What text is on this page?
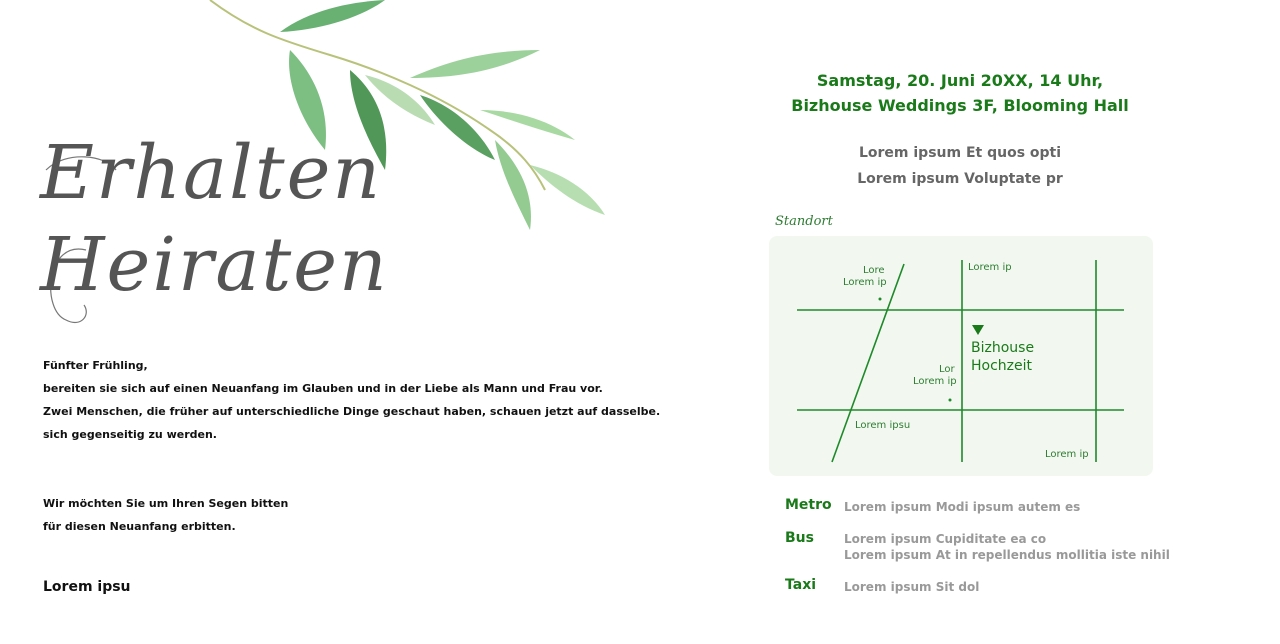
Erhalten
Heiraten
Fünfter Frühling,
bereiten sie sich auf einen Neuanfang im Glauben und in der Liebe als Mann und Frau vor.
Zwei Menschen, die früher auf unterschiedliche Dinge geschaut haben, schauen jetzt auf dasselbe.
sich gegenseitig zu werden.
Wir möchten Sie um Ihren Segen bitten
für diesen Neuanfang erbitten.
Lorem ipsu
Samstag, 20. Juni 20XX, 14 Uhr,
Bizhouse Weddings 3F, Blooming Hall
Lorem ipsum Et quos opti
Lorem ipsum Voluptate pr
Standort
Lore
Lorem ip
Lorem ip
Lor
Lorem ip
Lorem ipsu
Lorem ip
Bizhouse
Hochzeit
Metro Lorem ipsum Modi ipsum autem es
Bus	Lorem ipsum Cupiditate ea co
Lorem ipsum At in repellendus mollitia iste nihil
Taxi Lorem ipsum Sit dol
